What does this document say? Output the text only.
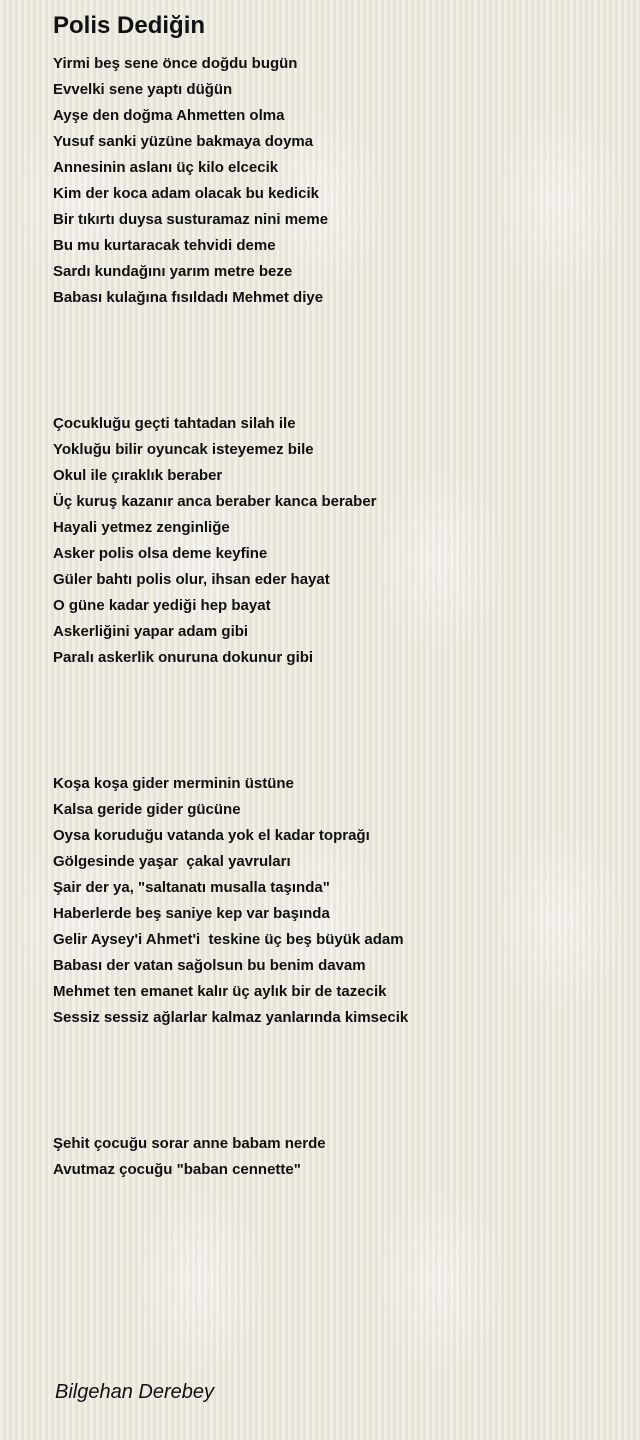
Polis Dediğin
Yirmi beş sene önce doğdu bugün
Evvelki sene yaptı düğün
Ayşe den doğma Ahmetten olma
Yusuf sanki yüzüne bakmaya doyma
Annesinin aslanı üç kilo elcecik
Kim der koca adam olacak bu kedicik
Bir tıkırtı duysa susturamaz nini meme
Bu mu kurtaracak tehvidi deme
Sardı kundağını yarım metre beze
Babası kulağına fısıldadı Mehmet diye
Çocukluğu geçti tahtadan silah ile
Yokluğu bilir oyuncak isteyemez bile
Okul ile çıraklık beraber
Üç kuruş kazanır anca beraber kanca beraber
Hayali yetmez zenginliğe
Asker polis olsa deme keyfine
Güler bahtı polis olur, ihsan eder hayat
O güne kadar yediği hep bayat
Askerliğini yapar adam gibi
Paralı askerlik onuruna dokunur gibi
Koşa koşa gider merminin üstüne
Kalsa geride gider gücüne
Oysa koruduğu vatanda yok el kadar toprağı
Gölgesinde yaşar  çakal yavruları
Şair der ya, "saltanatı musalla taşında"
Haberlerde beş saniye kep var başında
Gelir Aysey'i Ahmet'i  teskine üç beş büyük adam
Babası der vatan sağolsun bu benim davam
Mehmet ten emanet kalır üç aylık bir de tazecik
Sessiz sessiz ağlarlar kalmaz yanlarında kimsecik
Şehit çocuğu sorar anne babam nerde
Avutmaz çocuğu "baban cennette"

Bilgehan Derebey
